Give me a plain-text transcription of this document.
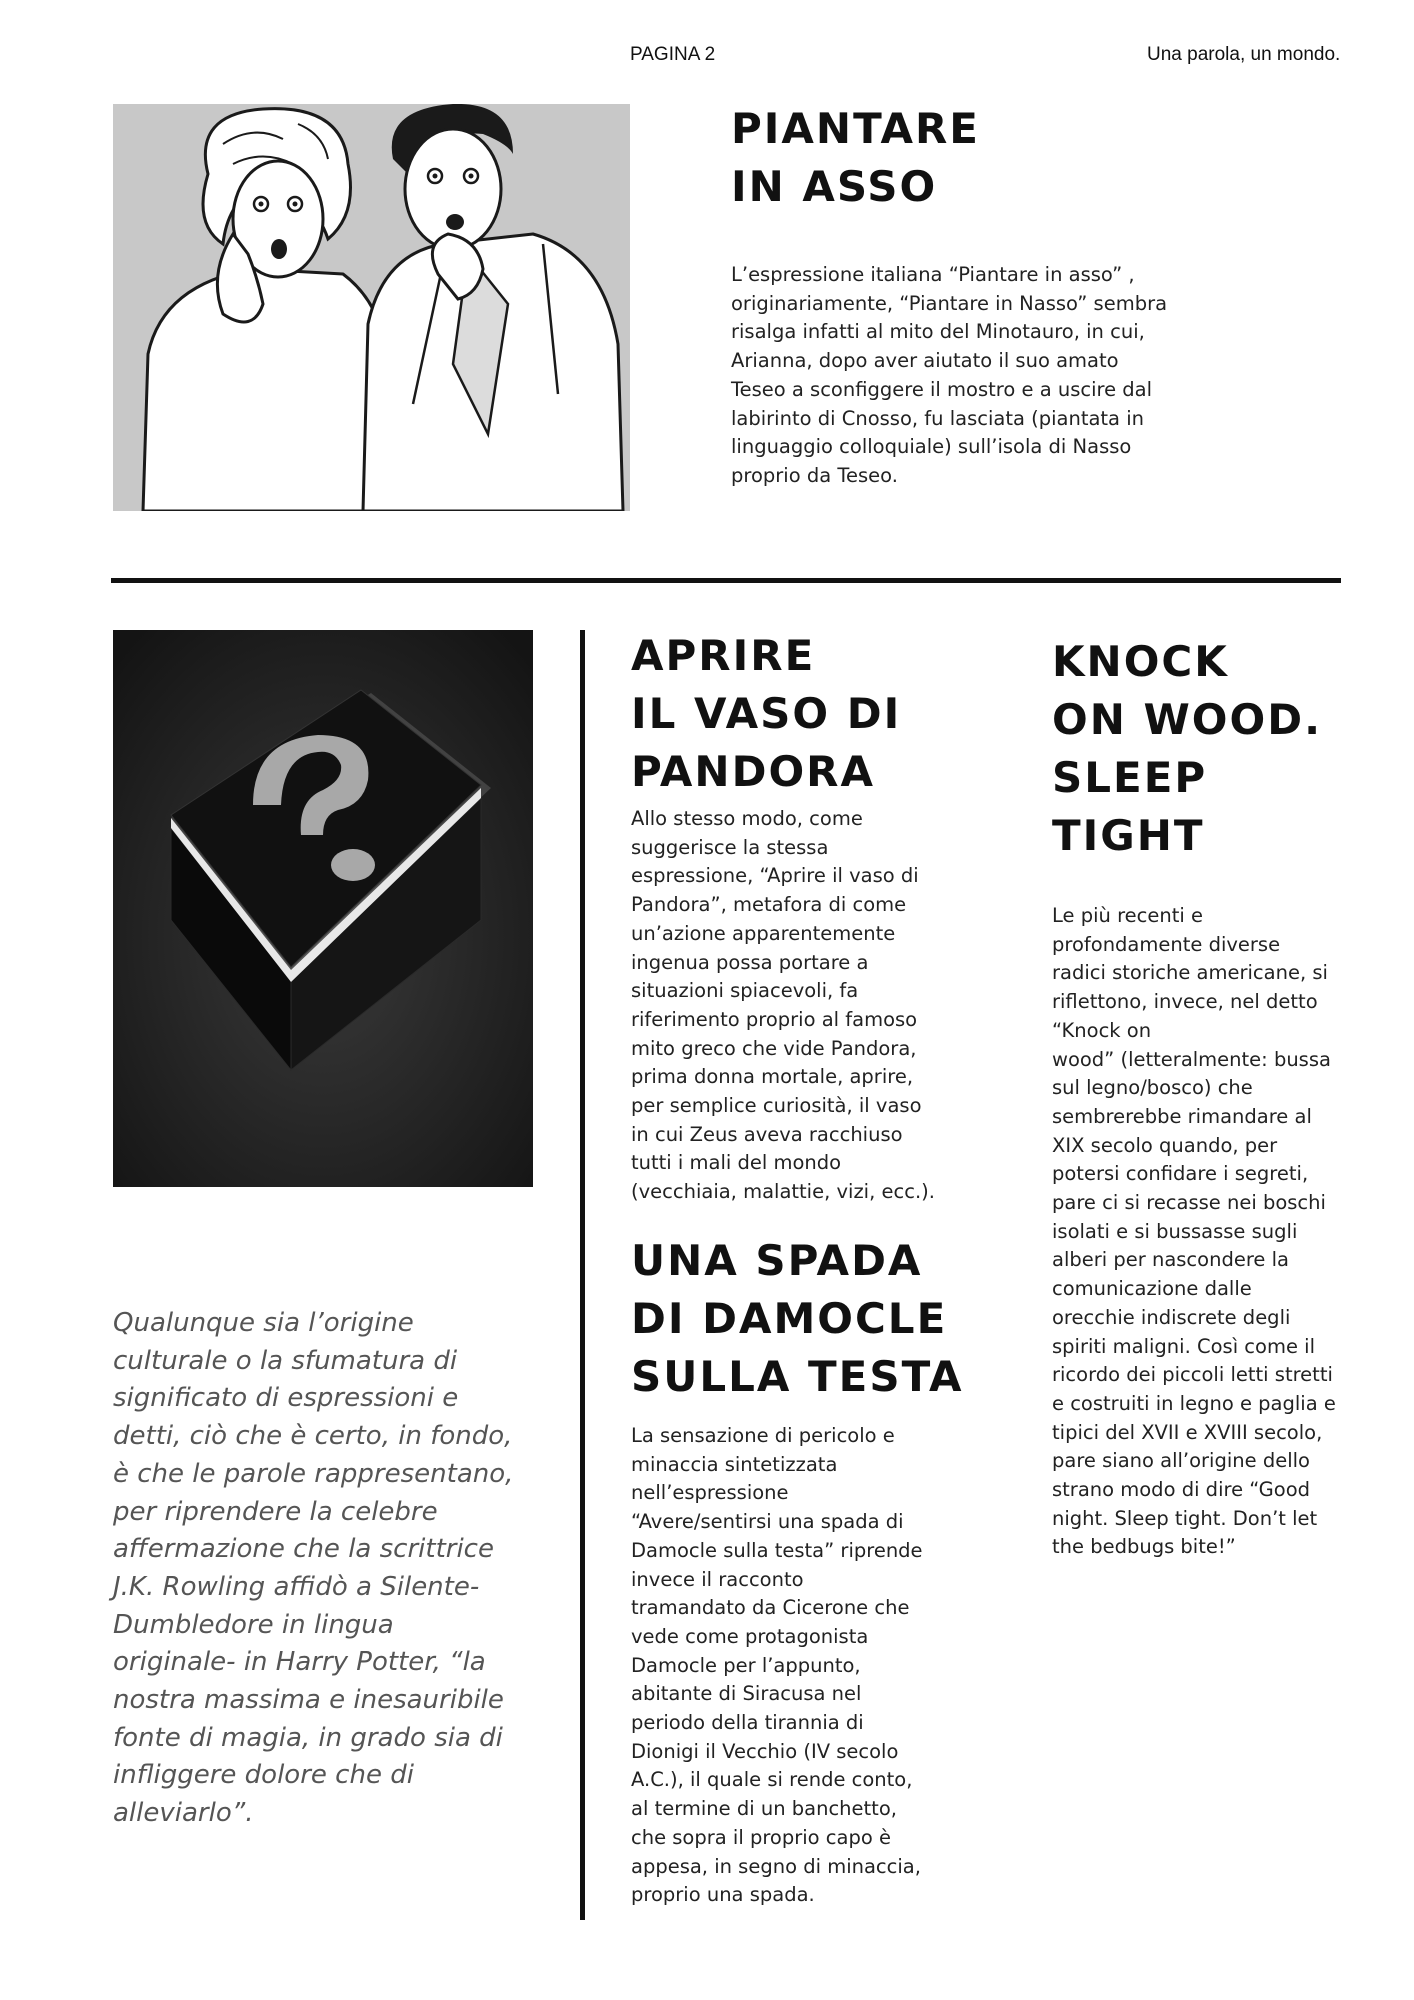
PAGINA 2	Una parola, un mondo.
PIANTARE
IN ASSO

L’espressione italiana “Piantare in asso” ,
originariamente, “Piantare in Nasso” sembra
risalga infatti al mito del Minotauro, in cui,
Arianna, dopo aver aiutato il suo amato
Teseo a sconfiggere il mostro e a uscire dal
labirinto di Cnosso, fu lasciata (piantata in
linguaggio colloquiale) sull’isola di Nasso
proprio da Teseo.

Qualunque sia l’origine
culturale o la sfumatura di
significato di espressioni e
detti, ciò che è certo, in fondo,
è che le parole rappresentano,
per riprendere la celebre
affermazione che la scrittrice
J.K. Rowling affidò a Silente-
Dumbledore in lingua
originale- in Harry Potter, “la
nostra massima e inesauribile
fonte di magia, in grado sia di
infliggere dolore che di
alleviarlo”.

APRIRE
IL VASO DI
PANDORA

Allo stesso modo, come
suggerisce la stessa
espressione, “Aprire il vaso di
Pandora”, metafora di come
un’azione apparentemente
ingenua possa portare a
situazioni spiacevoli, fa
riferimento proprio al famoso
mito greco che vide Pandora,
prima donna mortale, aprire,
per semplice curiosità, il vaso
in cui Zeus aveva racchiuso
tutti i mali del mondo
(vecchiaia, malattie, vizi, ecc.).

UNA SPADA
DI DAMOCLE
SULLA TESTA

La sensazione di pericolo e
minaccia sintetizzata
nell’espressione
“Avere/sentirsi una spada di
Damocle sulla testa” riprende
invece il racconto
tramandato da Cicerone che
vede come protagonista
Damocle per l’appunto,
abitante di Siracusa nel
periodo della tirannia di
Dionigi il Vecchio (IV secolo
A.C.), il quale si rende conto,
al termine di un banchetto,
che sopra il proprio capo è
appesa, in segno di minaccia,
proprio una spada.

KNOCK
ON WOOD.
SLEEP
TIGHT

Le più recenti e
profondamente diverse
radici storiche americane, si
riflettono, invece, nel detto
“Knock on
wood” (letteralmente: bussa
sul legno/bosco) che
sembrerebbe rimandare al
XIX secolo quando, per
potersi confidare i segreti,
pare ci si recasse nei boschi
isolati e si bussasse sugli
alberi per nascondere la
comunicazione dalle
orecchie indiscrete degli
spiriti maligni. Così come il
ricordo dei piccoli letti stretti
e costruiti in legno e paglia e
tipici del XVII e XVIII secolo,
pare siano all’origine dello
strano modo di dire “Good
night. Sleep tight. Don’t let
the bedbugs bite!”
